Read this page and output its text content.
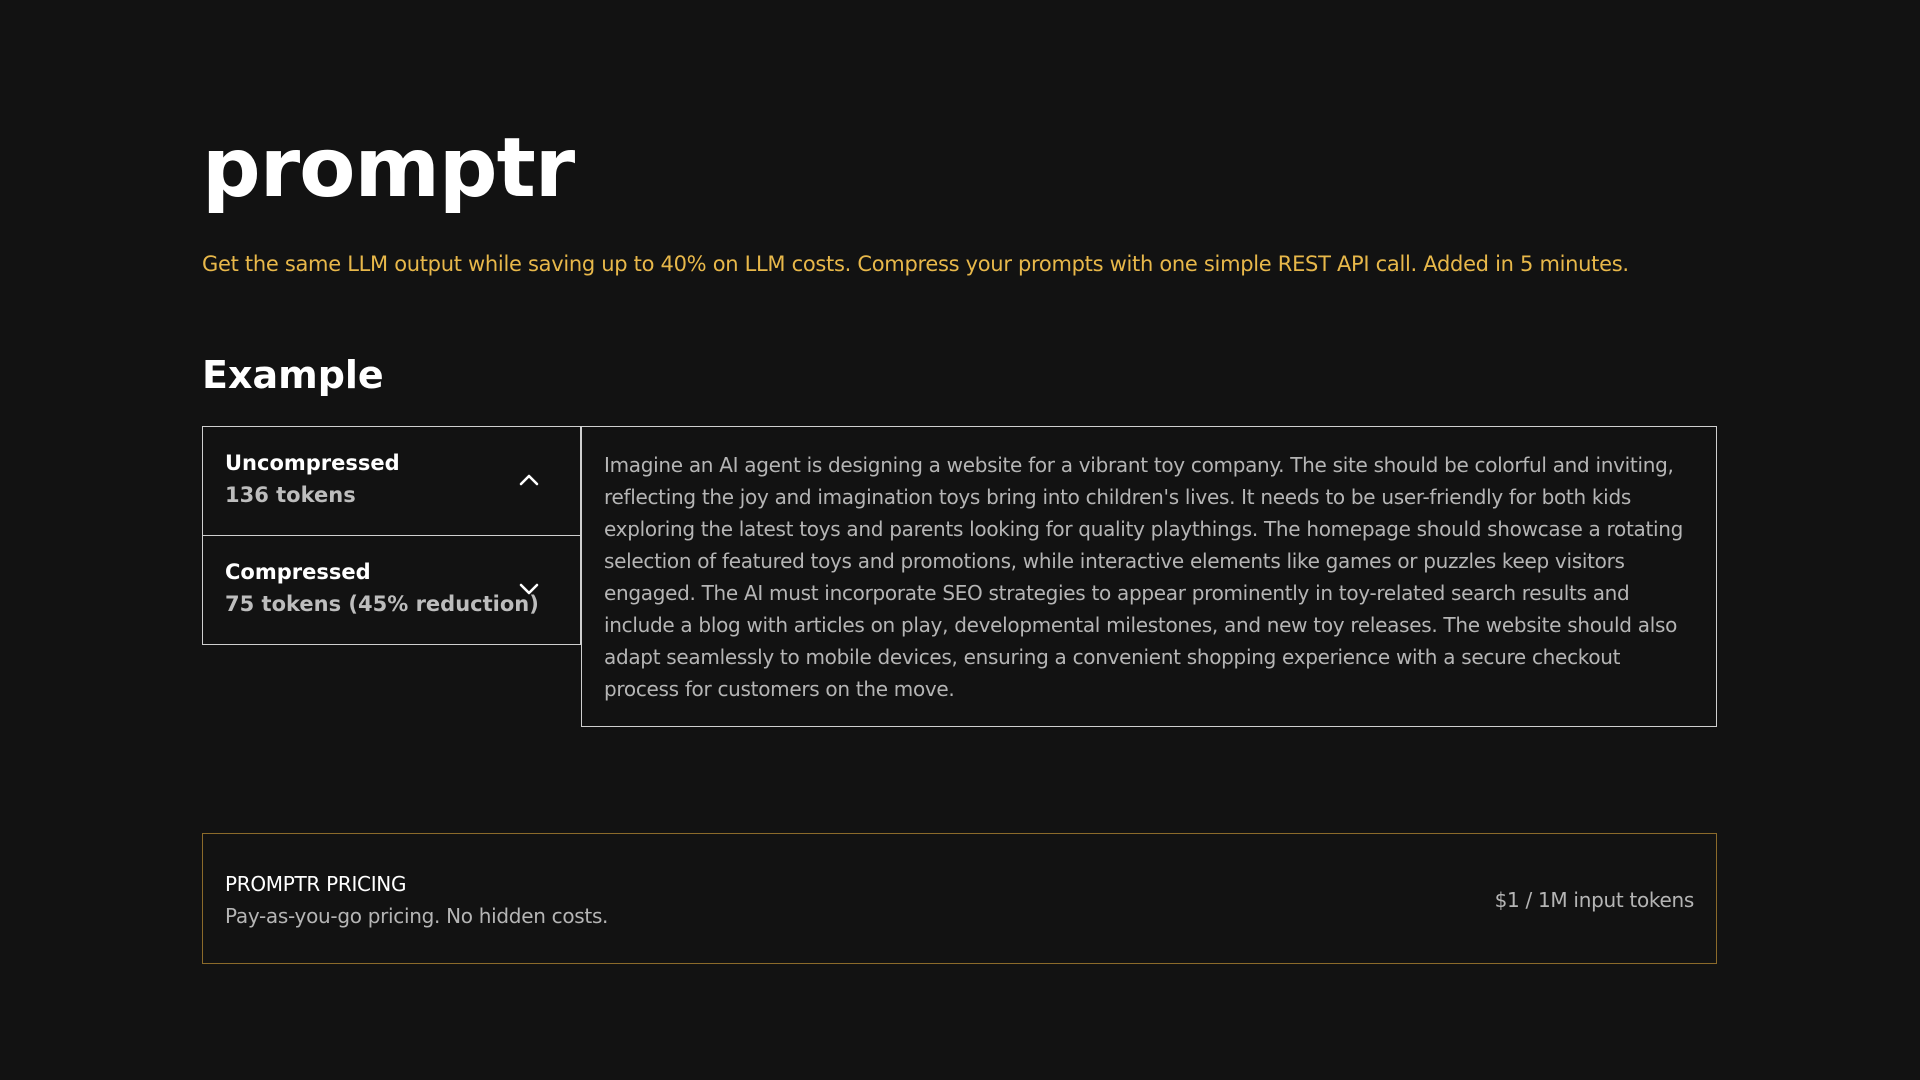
promptr

Get the same LLM output while saving up to 40% on LLM costs. Compress your prompts with one simple REST API call. Added in 5 minutes.

Example
Uncompressed
136 tokens
Compressed
75 tokens (45% reduction)

Imagine an AI agent is designing a website for a vibrant toy company. The site should be colorful and inviting, reflecting the joy and imagination toys bring into children's lives. It needs to be user-friendly for both kids exploring the latest toys and parents looking for quality playthings. The homepage should showcase a rotating selection of featured toys and promotions, while interactive elements like games or puzzles keep visitors engaged. The AI must incorporate SEO strategies to appear prominently in toy-related search results and include a blog with articles on play, developmental milestones, and new toy releases. The website should also adapt seamlessly to mobile devices, ensuring a convenient shopping experience with a secure checkout process for customers on the move.

PROMPTR PRICING
Pay-as-you-go pricing. No hidden costs.
$1 / 1M input tokens
